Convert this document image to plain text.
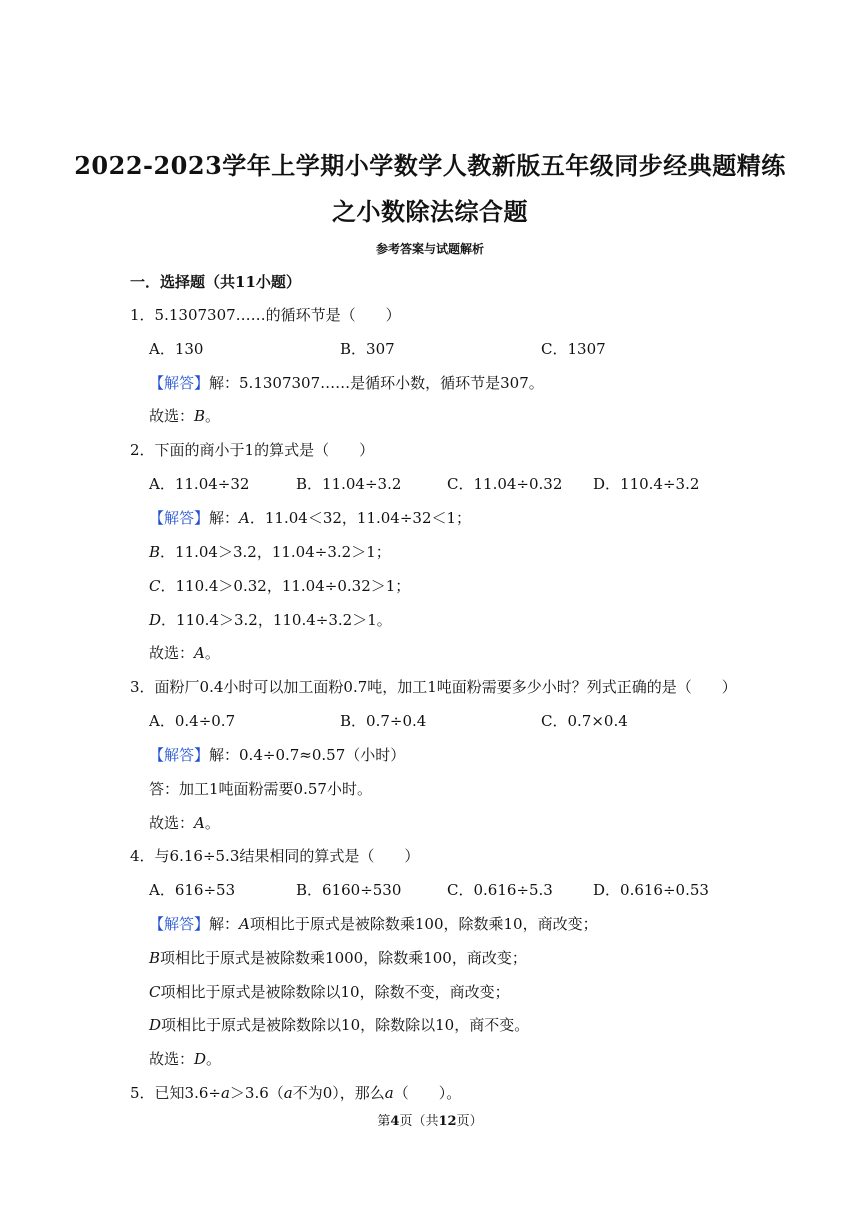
2022-2023学年上学期小学数学人教新版五年级同步经典题精练
之小数除法综合题
参考答案与试题解析
一．选择题（共11小题）
1．5.1307307……的循环节是（　　）
A．130	B．307	C．1307
【解答】解：5.1307307……是循环小数，循环节是307。
故选：B。
2．下面的商小于1的算式是（　　）
A．11.04÷32	B．11.04÷3.2	C．11.04÷0.32 D．110.4÷3.2
【解答】解：A．11.04＜32，11.04÷32＜1；
B．11.04＞3.2，11.04÷3.2＞1；
C．110.4＞0.32，11.04÷0.32＞1；
D．110.4＞3.2，110.4÷3.2＞1。
故选：A。
3．面粉厂0.4小时可以加工面粉0.7吨，加工1吨面粉需要多少小时？列式正确的是（　　）
A．0.4÷0.7	B．0.7÷0.4	C．0.7×0.4
【解答】解：0.4÷0.7≈0.57（小时）
答：加工1吨面粉需要0.57小时。
故选：A。
4．与6.16÷5.3结果相同的算式是（　　）
A．616÷53	B．6160÷530	C．0.616÷5.3	D．0.616÷0.53
【解答】解：A项相比于原式是被除数乘100，除数乘10，商改变；
B项相比于原式是被除数乘1000，除数乘100，商改变；
C项相比于原式是被除数除以10，除数不变，商改变；
D项相比于原式是被除数除以10，除数除以10，商不变。
故选：D。
5．已知3.6÷a＞3.6（a不为0），那么a（　　）。
第4页（共12页）
